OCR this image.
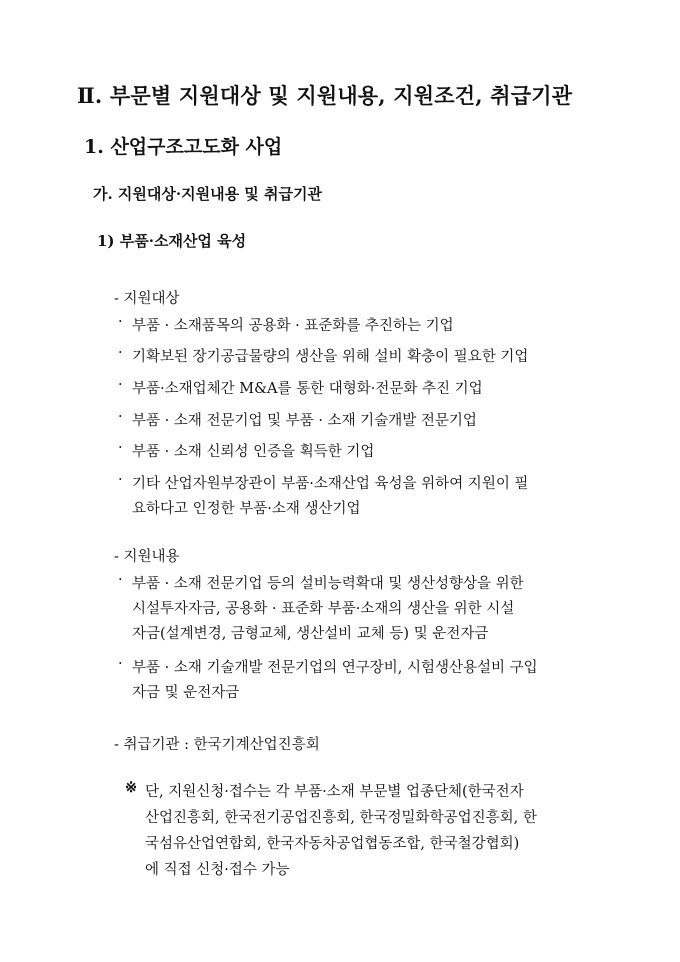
Ⅱ. 부문별 지원대상 및 지원내용, 지원조건, 취급기관
1. 산업구조고도화 사업
가. 지원대상·지원내용 및 취급기관
1) 부품·소재산업 육성
- 지원대상
· 부품 · 소재품목의 공용화 · 표준화를 추진하는 기업
· 기확보된 장기공급물량의 생산을 위해 설비 확충이 필요한 기업
· 부품·소재업체간 M&A를 통한 대형화·전문화 추진 기업
· 부품 · 소재 전문기업 및 부품 · 소재 기술개발 전문기업
· 부품 · 소재 신뢰성 인증을 획득한 기업
· 기타 산업자원부장관이 부품·소재산업 육성을 위하여 지원이 필
요하다고 인정한 부품·소재 생산기업
- 지원내용
· 부품 · 소재 전문기업 등의 설비능력확대 및 생산성향상을 위한
시설투자자금, 공용화 · 표준화 부품·소재의 생산을 위한 시설
자금(설계변경, 금형교체, 생산설비 교체 등) 및 운전자금
· 부품 · 소재 기술개발 전문기업의 연구장비, 시험생산용설비 구입
자금 및 운전자금
- 취급기관 : 한국기계산업진흥회
※ 단, 지원신청·접수는 각 부품·소재 부문별 업종단체(한국전자
산업진흥회, 한국전기공업진흥회, 한국정밀화학공업진흥회, 한
국섬유산업연합회, 한국자동차공업협동조합, 한국철강협회)
에 직접 신청·접수 가능
